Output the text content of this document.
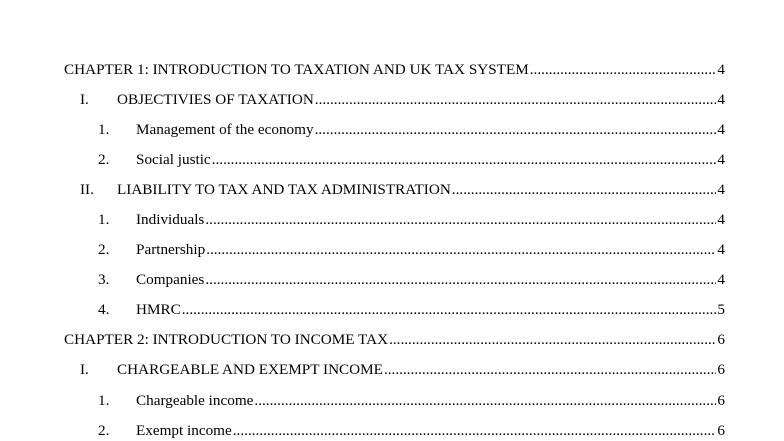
CHAPTER 1: INTRODUCTION TO TAXATION AND UK TAX SYSTEM .....	4
I.	OBJECTIVIES OF TAXATION .....	4
1.	Management of the economy .....	4
2.	Social justic .....	4
II.	LIABILITY TO TAX AND TAX ADMINISTRATION .....	4
1.	Individuals .....	4
2.	Partnership .....	4
3.	Companies .....	4
4.	HMRC .....	5
CHAPTER 2: INTRODUCTION TO INCOME TAX .....	6
I.	CHARGEABLE AND EXEMPT INCOME .....	6
1.	Chargeable income .....	6
2.	Exempt income .....	6
